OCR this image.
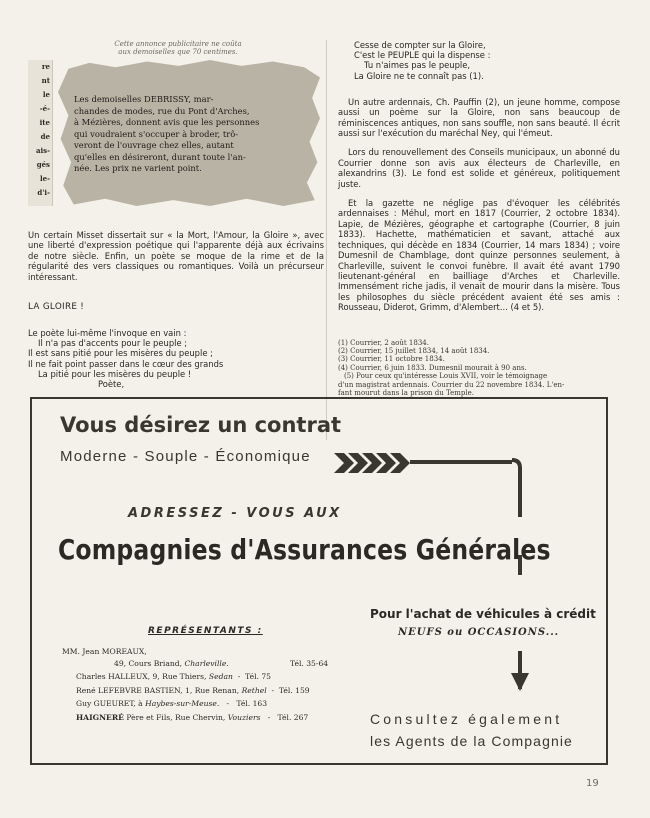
Cette annonce publicitaire ne coûta
aux demoiselles que 70 centimes.
re
nt
le
-é-
ite
de
ais-
gés
le-
d'i-
Les demoiselles DEBRISSY, mar-
chandes de modes, rue du Pont d'Arches,
à Mézières, donnent avis que les personnes
qui voudraient s'occuper à broder, trô-
veront de l'ouvrage chez elles, autant
qu'elles en désireront, durant toute l'an-
née. Les prix ne varient point.

Un certain Misset dissertait sur « la Mort, l'Amour, la Gloire », avec une liberté d'expression poétique qui l'apparente déjà aux écrivains de notre siècle. Enfin, un poète se moque de la rime et de la régularité des vers classiques ou romantiques. Voilà un précurseur intéressant.

LA GLOIRE !

Le poète lui-même l'invoque en vain :
Il n'a pas d'accents pour le peuple ;
Il est sans pitié pour les misères du peuple ;
Il ne fait point passer dans le cœur des grands
La pitié pour les misères du peuple !
Poète,
Cesse de compter sur la Gloire,
C'est le PEUPLE qui la dispense :
Tu n'aimes pas le peuple,
La Gloire ne te connaît pas (1).

Un autre ardennais, Ch. Pauffin (2), un jeune homme, compose aussi un poème sur la Gloire, non sans beaucoup de réminiscences antiques, non sans souffle, non sans beauté. Il écrit aussi sur l'exécution du maréchal Ney, qui l'émeut.

Lors du renouvellement des Conseils municipaux, un abonné du Courrier donne son avis aux électeurs de Charleville, en alexandrins (3). Le fond est solide et généreux, politiquement juste.

Et la gazette ne néglige pas d'évoquer les célébrités ardennaises : Méhul, mort en 1817 (Courrier, 2 octobre 1834). Lapie, de Mézières, géographe et cartographe (Courrier, 8 juin 1833). Hachette, mathématicien et savant, attaché aux techniques, qui décède en 1834 (Courrier, 14 mars 1834) ; voire Dumesnil de Chamblage, dont quinze personnes seulement, à Charleville, suivent le convoi funèbre. Il avait été avant 1790 lieutenant-général en bailliage d'Arches et Charleville. Immensément riche jadis, il venait de mourir dans la misère. Tous les philosophes du siècle précédent avaient été ses amis : Rousseau, Diderot, Grimm, d'Alembert... (4 et 5).

(1) Courrier, 2 août 1834.
(2) Courrier, 15 juillet 1834, 14 août 1834.
(3) Courrier, 11 octobre 1834.
(4) Courrier, 6 juin 1833. Dumesnil mourait à 90 ans.
(5) Pour ceux qu'intéresse Louis XVII, voir le témoignage
d'un magistrat ardennais. Courrier du 22 novembre 1834. L'en-
fant mourut dans la prison du Temple.
Vous désirez un contrat
Moderne - Souple - Économique
ADRESSEZ - VOUS AUX
Compagnies d'Assurances Générales
Pour l'achat de véhicules à crédit
NEUFS ou OCCASIONS...
REPRÉSENTANTS :
MM. Jean MOREAUX,
49, Cours Briand, Charleville.	Tél. 35-64
Charles HALLEUX, 9, Rue Thiers, Sedan  -  Tél. 75
René LEFEBVRE BASTIEN, 1, Rue Renan, Rethel  -  Tél. 159
Guy GUEURET, à Haybes-sur-Meuse.   -   Tél. 163
HAIGNERÉ Père et Fils, Rue Chervin, Vouziers   -   Tél. 267	Consultez également
les Agents de la Compagnie
19
